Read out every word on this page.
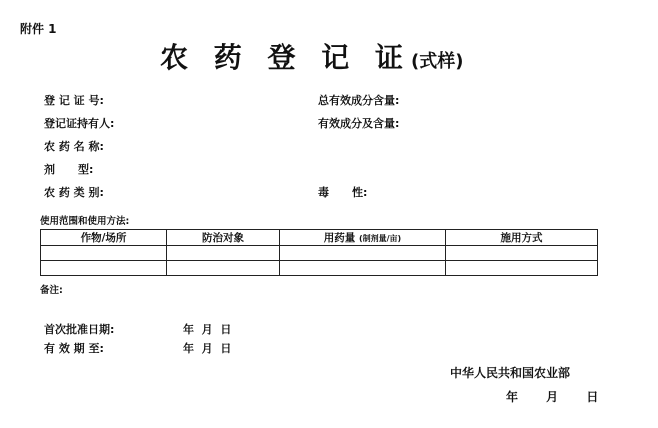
附件 1
农 药 登 记 证(式样)
登 记 证 号:
登记证持有人:
农 药 名 称:
剂      型:
农 药 类 别:
总有效成分含量:
有效成分及含量:
毒      性:
使用范围和使用方法:
作物/场所	防治对象	用药量 (制剂量/亩)	施用方式

备注:
首次批准日期:	年  月  日
有 效 期 至:	年  月  日
中华人民共和国农业部
年 月 日
